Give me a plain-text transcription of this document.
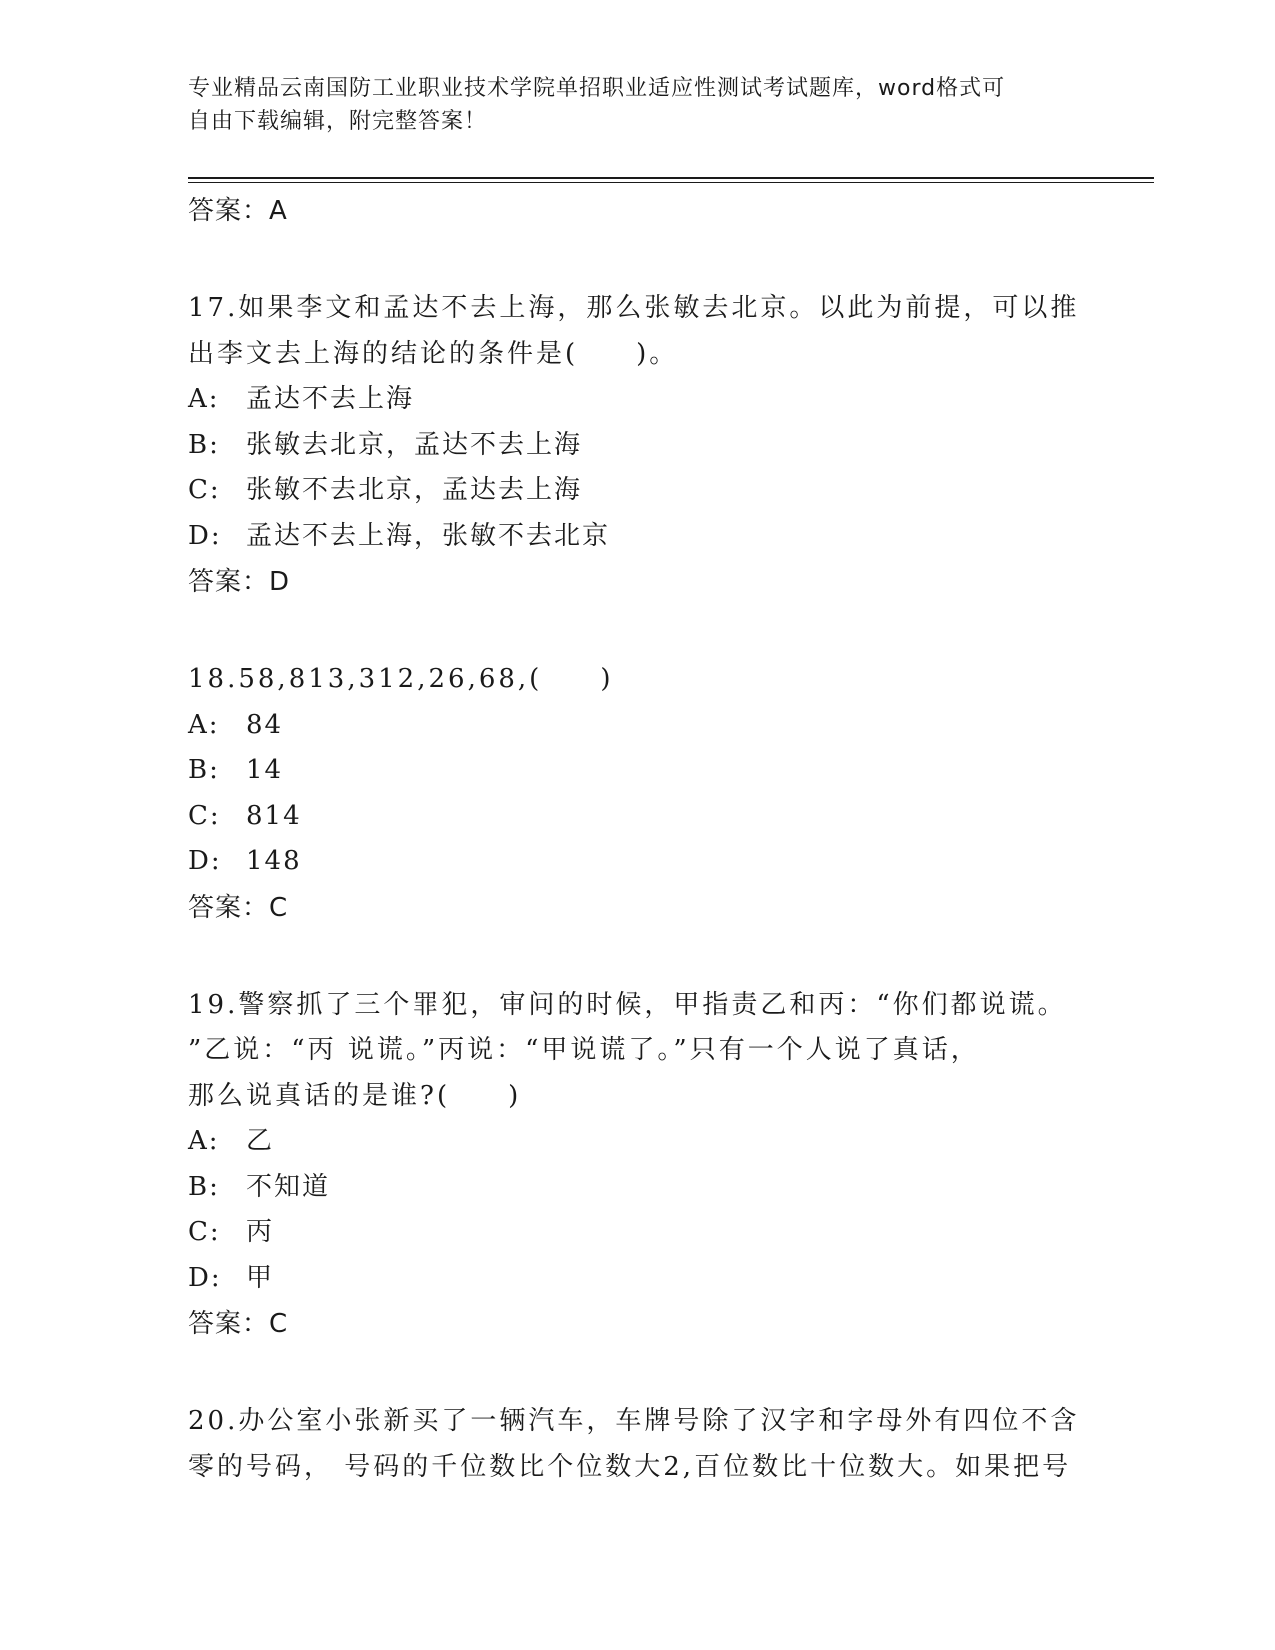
专业精品云南国防工业职业技术学院单招职业适应性测试考试题库，word格式可
自由下载编辑，附完整答案！
答案：A
17.如果李文和孟达不去上海，那么张敏去北京。以此为前提，可以推
出李文去上海的结论的条件是(　　)。
A:	孟达不去上海
B:	张敏去北京，孟达不去上海
C: 张敏不去北京，孟达去上海
D: 孟达不去上海，张敏不去北京
答案：D
18.58,813,312,26,68,(　　)
A:	84
B:	14
C: 814
D: 148
答案：C
19.警察抓了三个罪犯，审问的时候，甲指责乙和丙：“你们都说谎。
”乙说：“丙 说谎。”丙说：“甲说谎了。”只有一个人说了真话，
那么说真话的是谁?(　　)
A:	乙
B:	不知道
C: 丙
D: 甲
答案：C
20.办公室小张新买了一辆汽车，车牌号除了汉字和字母外有四位不含
零的号码， 号码的千位数比个位数大2,百位数比十位数大。如果把号
